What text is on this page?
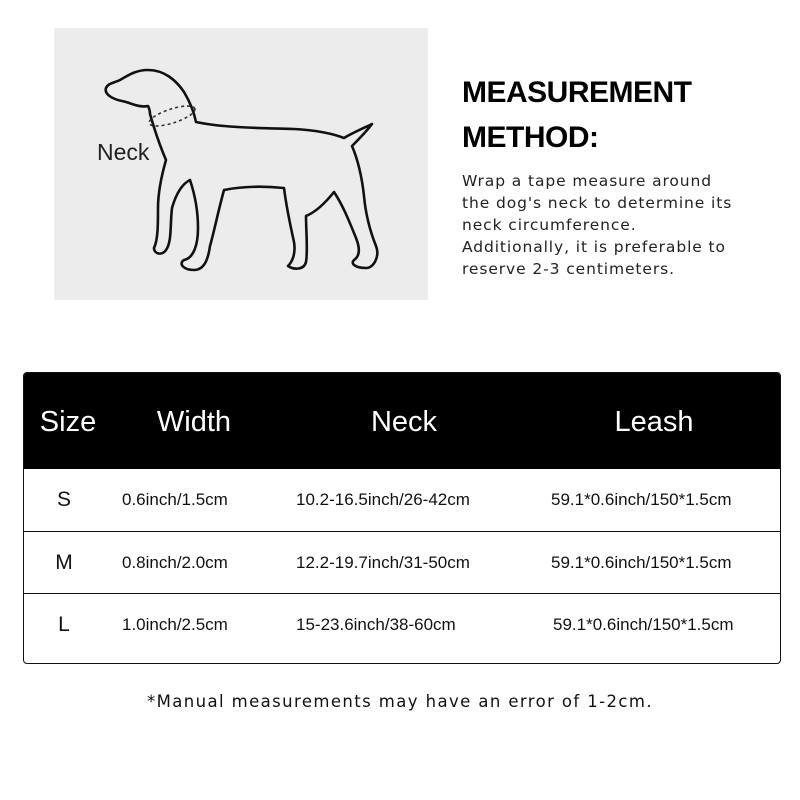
Neck
MEASUREMENT
METHOD:
Wrap a tape measure around
the dog's neck to determine its
neck circumference.
Additionally, it is preferable to
reserve 2-3 centimeters.
Size	Width	Neck	Leash
S	0.6inch/1.5cm	10.2-16.5inch/26-42cm	59.1*0.6inch/150*1.5cm
M	0.8inch/2.0cm	12.2-19.7inch/31-50cm	59.1*0.6inch/150*1.5cm
L	1.0inch/2.5cm	15-23.6inch/38-60cm	59.1*0.6inch/150*1.5cm
*Manual measurements may have an error of 1-2cm.
